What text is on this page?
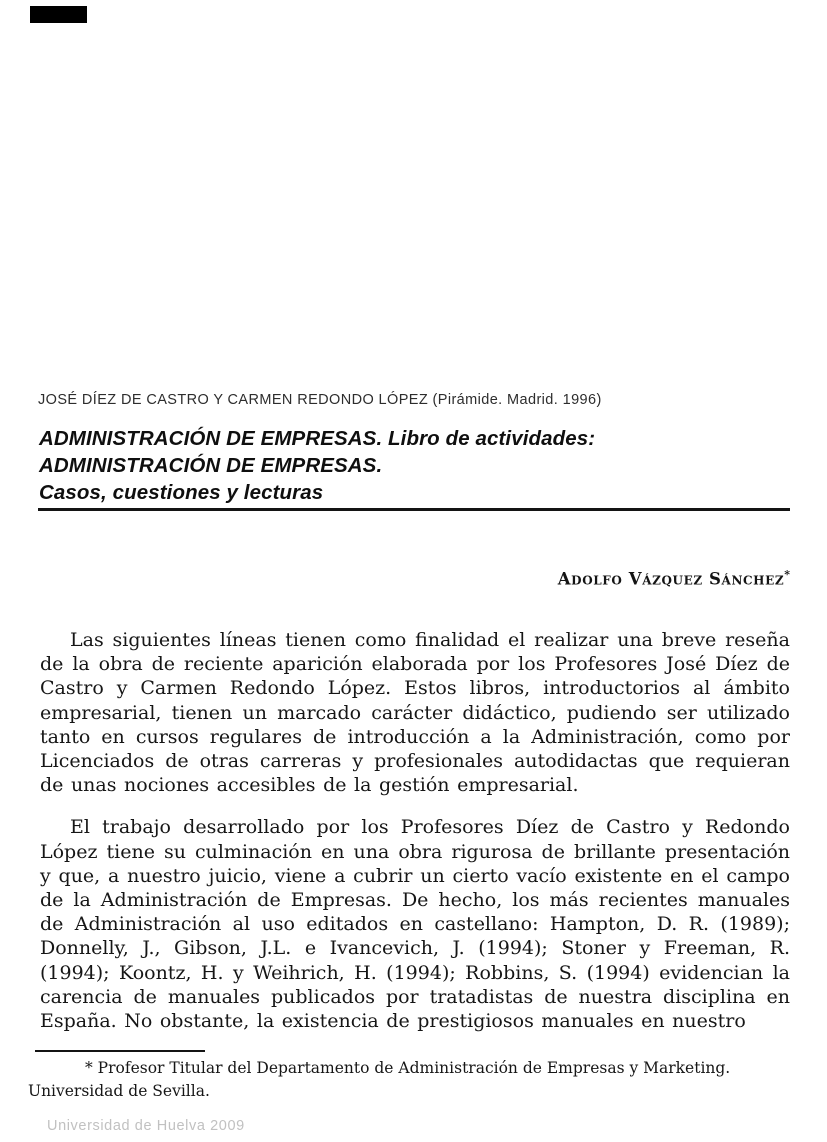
JOSÉ DÍEZ DE CASTRO Y CARMEN REDONDO LÓPEZ (Pirámide. Madrid. 1996)
ADMINISTRACIÓN DE EMPRESAS. Libro de actividades:
ADMINISTRACIÓN DE EMPRESAS.
Casos, cuestiones y lecturas
Adolfo Vázquez Sánchez*

Las siguientes líneas tienen como finalidad el realizar una breve reseña de la obra de reciente aparición elaborada por los Profesores José Díez de Castro y Carmen Redondo López. Estos libros, introductorios al ámbito empresarial, tienen un marcado carácter didáctico, pudiendo ser utilizado tanto en cursos regulares de introducción a la Administración, como por Licenciados de otras carreras y profesionales autodidactas que requieran de unas nociones accesibles de la gestión empresarial.

El trabajo desarrollado por los Profesores Díez de Castro y Redondo López tiene su culminación en una obra rigurosa de brillante presentación y que, a nuestro juicio, viene a cubrir un cierto vacío existente en el campo de la Administración de Empresas. De hecho, los más recientes manuales de Administración al uso editados en castellano: Hampton, D. R. (1989); Donnelly, J., Gibson, J.L. e Ivancevich, J. (1994); Stoner y Freeman, R. (1994); Koontz, H. y Weihrich, H. (1994); Robbins, S. (1994) evidencian la carencia de manuales publicados por tratadistas de nuestra disciplina en España. No obstante, la existencia de prestigiosos manuales en nuestro

* Profesor Titular del Departamento de Administración de Empresas y Marketing.
Universidad de Sevilla.
Universidad de Huelva 2009
